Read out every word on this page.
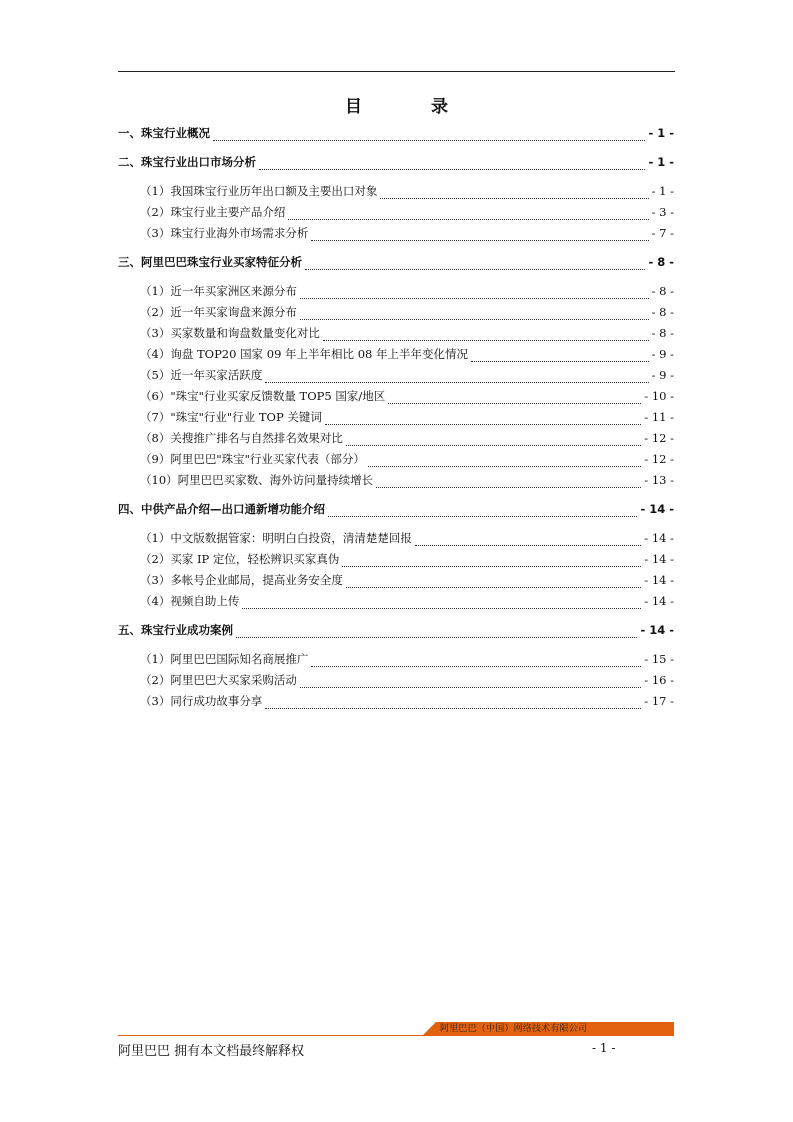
目　录
一、珠宝行业概况	- 1 -
二、珠宝行业出口市场分析	- 1 -
（1）我国珠宝行业历年出口额及主要出口对象	- 1 -
（2）珠宝行业主要产品介绍	- 3 -
（3）珠宝行业海外市场需求分析	- 7 -
三、阿里巴巴珠宝行业买家特征分析	- 8 -
（1）近一年买家洲区来源分布	- 8 -
（2）近一年买家询盘来源分布	- 8 -
（3）买家数量和询盘数量变化对比	- 8 -
（4）询盘 TOP20 国家 09 年上半年相比 08 年上半年变化情况	- 9 -
（5）近一年买家活跃度	- 9 -
（6）"珠宝"行业买家反馈数量 TOP5 国家/地区	- 10 -
（7）"珠宝"行业"行业 TOP 关键词	- 11 -
（8）关搜推广排名与自然排名效果对比	- 12 -
（9）阿里巴巴"珠宝"行业买家代表（部分）	- 12 -
（10）阿里巴巴买家数、海外访问量持续增长	- 13 -
四、中供产品介绍—出口通新增功能介绍	- 14 -
（1）中文版数据管家：明明白白投资，清清楚楚回报	- 14 -
（2）买家 IP 定位，轻松辨识买家真伪	- 14 -
（3）多帐号企业邮局，提高业务安全度	- 14 -
（4）视频自助上传	- 14 -
五、珠宝行业成功案例	- 14 -
（1）阿里巴巴国际知名商展推广	- 15 -
（2）阿里巴巴大买家采购活动	- 16 -
（3）同行成功故事分享	- 17 -
阿里巴巴（中国）网络技术有限公司
阿里巴巴 拥有本文档最终解释权	- 1 -
